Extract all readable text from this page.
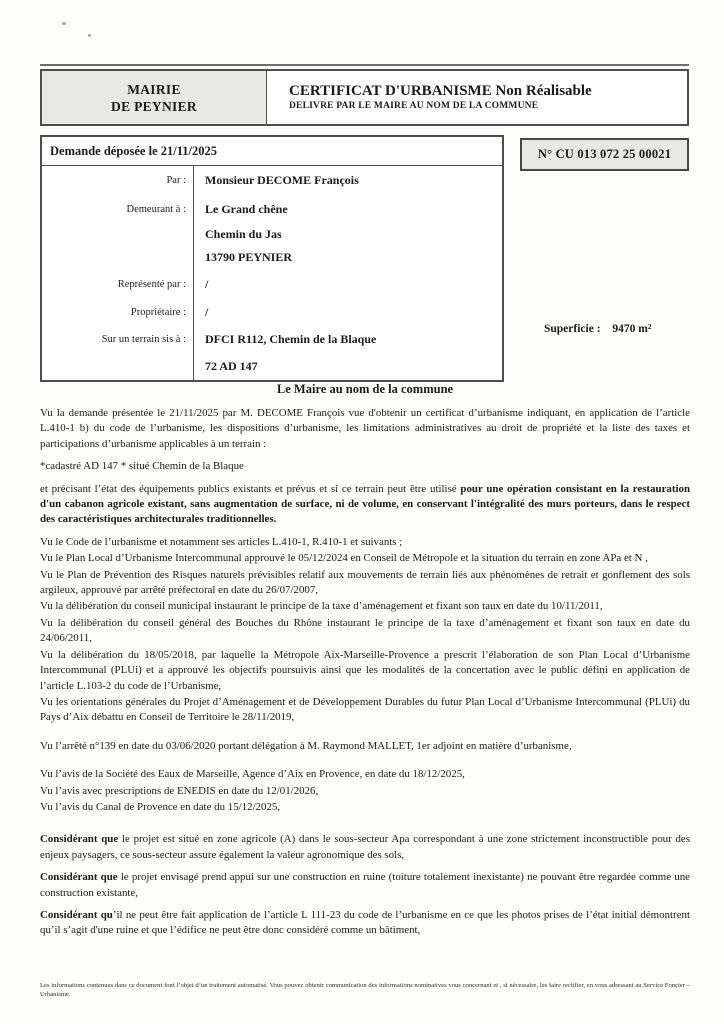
MAIRIE
DE PEYNIER
CERTIFICAT D'URBANISME Non Réalisable
DELIVRE PAR LE MAIRE AU NOM DE LA COMMUNE
Demande déposée le 21/11/2025
Par :	Monsieur DECOME François
Demeurant à :	Le Grand chêne
Chemin du Jas
13790 PEYNIER
Représenté par :	/
Propriétaire :	/
Sur un terrain sis à :	DFCI R112, Chemin de la Blaque
72 AD 147
N° CU 013 072 25 00021
Superficie : 9470 m²
Le Maire au nom de la commune

Vu la demande présentée le 21/11/2025 par M. DECOME François vue d'obtenir un certificat d’urbanisme indiquant, en application de l’article L.410-1 b) du code de l’urbanisme, les dispositions d’urbanisme, les limitations administratives au droit de propriété et la liste des taxes et participations d’urbanisme applicables à un terrain :

*cadastré AD 147 * situé Chemin de la Blaque

et précisant l’état des équipements publics existants et prévus et si ce terrain peut être utilisé pour une opération consistant en la restauration d'un cabanon agricole existant, sans augmentation de surface, ni de volume, en conservant l'intégralité des murs porteurs, dans le respect des caractéristiques architecturales traditionnelles.

Vu le Code de l’urbanisme et notamment ses articles L.410-1, R.410-1 et suivants ;

Vu le Plan Local d’Urbanisme Intercommunal approuvé le 05/12/2024 en Conseil de Métropole et la situation du terrain en zone APa et N ,

Vu le Plan de Prévention des Risques naturels prévisibles relatif aux mouvements de terrain liés aux phénomènes de retrait et gonflement des sols argileux, approuvé par arrêté préfectoral en date du 26/07/2007,

Vu la délibération du conseil municipal instaurant le principe de la taxe d’aménagement et fixant son taux en date du 10/11/2011,

Vu la délibération du conseil général des Bouches du Rhône instaurant le principe de la taxe d’aménagement et fixant son taux en date du 24/06/2011,

Vu la délibération du 18/05/2018, par laquelle la Métropole Aix-Marseille-Provence a prescrit l’élaboration de son Plan Local d’Urbanisme Intercommunal (PLUi) et a approuvé les objectifs poursuivis ainsi que les modalités de la concertation avec le public défini en application de l’article L.103-2 du code de l’Urbanisme,

Vu les orientations générales du Projet d’Aménagement et de Développement Durables du futur Plan Local d’Urbanisme Intercommunal (PLUi) du Pays d’Aix débattu en Conseil de Territoire le 28/11/2019,

Vu l’arrêté n°139 en date du 03/06/2020 portant délégation à M. Raymond MALLET, 1er adjoint en matière d’urbanisme,

Vu l’avis de la Société des Eaux de Marseille, Agence d’Aix en Provence, en date du 18/12/2025,

Vu l’avis avec prescriptions de ENEDIS en date du 12/01/2026,

Vu l’avis du Canal de Provence en date du 15/12/2025,

Considérant que le projet est situé en zone agricole (A) dans le sous-secteur Apa correspondant à une zone strictement inconstructible pour des enjeux paysagers, ce sous-secteur assure également la valeur agronomique des sols,

Considérant que le projet envisagé prend appui sur une construction en ruine (toiture totalement inexistante) ne pouvant être regardée comme une construction existante,

Considérant qu’il ne peut être fait application de l’article L 111-23 du code de l’urbanisme en ce que les photos prises de l’état initial démontrent qu’il s’agit d'une ruine et que l’édifice ne peut être donc considéré comme un bâtiment,

Les informations contenues dans ce document font l’objet d’un traitement automatisé. Vous pouvez obtenir communication des informations nominatives vous concernant et , si nécessaire, les faire rectifier, en vous adressant au Service Foncier – Urbanisme.
